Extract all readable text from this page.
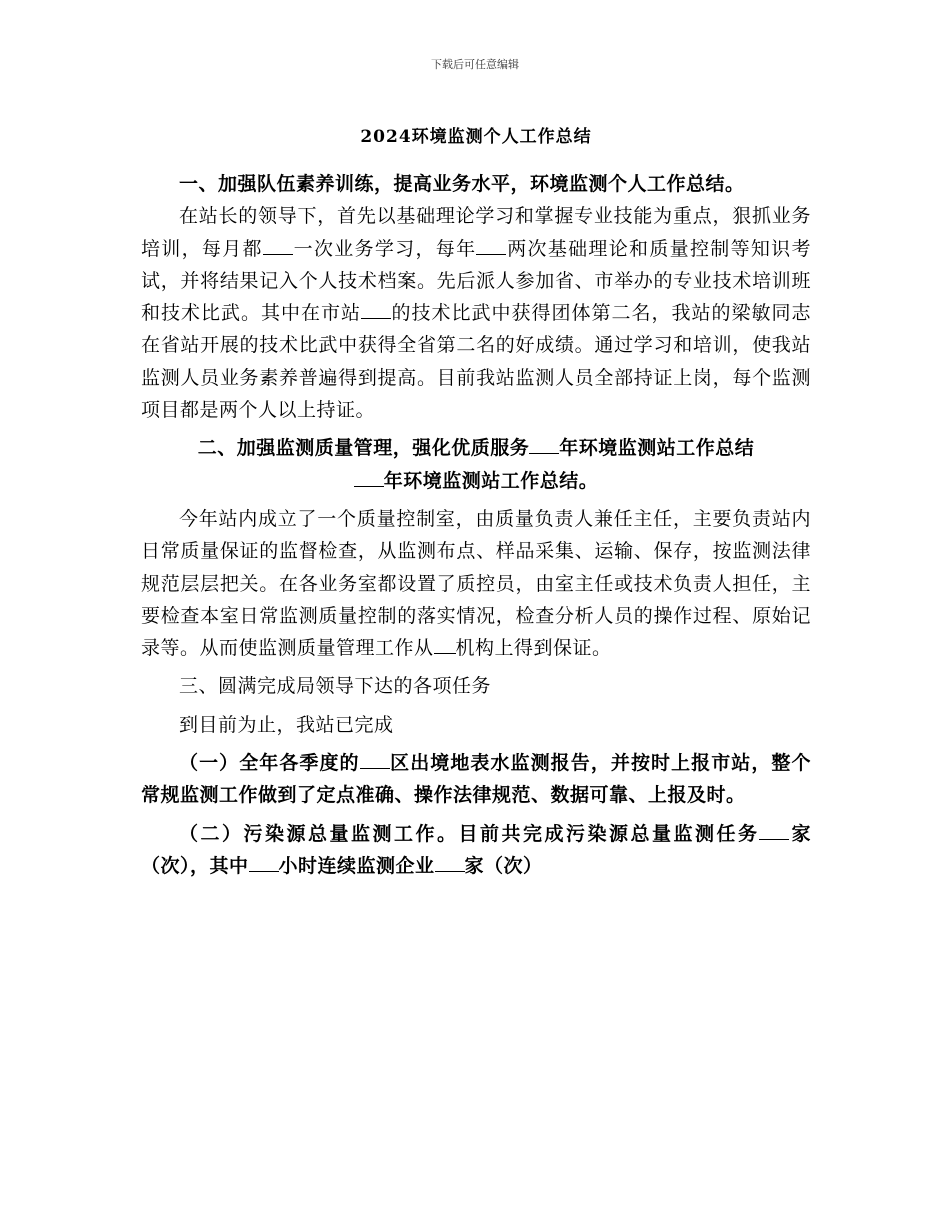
下载后可任意编辑
2024环境监测个人工作总结

一、加强队伍素养训练，提高业务水平，环境监测个人工作总结。

在站长的领导下，首先以基础理论学习和掌握专业技能为重点，狠抓业务培训，每月都 一次业务学习，每年 两次基础理论和质量控制等知识考试，并将结果记入个人技术档案。先后派人参加省、市举办的专业技术培训班和技术比武。其中在市站 的技术比武中获得团体第二名，我站的梁敏同志在省站开展的技术比武中获得全省第二名的好成绩。通过学习和培训，使我站监测人员业务素养普遍得到提高。目前我站监测人员全部持证上岗，每个监测项目都是两个人以上持证。

二、加强监测质量管理，强化优质服务 年环境监测站工作总结
年环境监测站工作总结。

今年站内成立了一个质量控制室，由质量负责人兼任主任，主要负责站内日常质量保证的监督检查，从监测布点、样品采集、运输、保存，按监测法律规范层层把关。在各业务室都设置了质控员，由室主任或技术负责人担任，主要检查本室日常监测质量控制的落实情况，检查分析人员的操作过程、原始记录等。从而使监测质量管理工作从 机构上得到保证。

三、圆满完成局领导下达的各项任务

到目前为止，我站已完成

（一）全年各季度的 区出境地表水监测报告，并按时上报市站，整个常规监测工作做到了定点准确、操作法律规范、数据可靠、上报及时。

（二）污染源总量监测工作。目前共完成污染源总量监测任务 家（次），其中 小时连续监测企业 家（次）
